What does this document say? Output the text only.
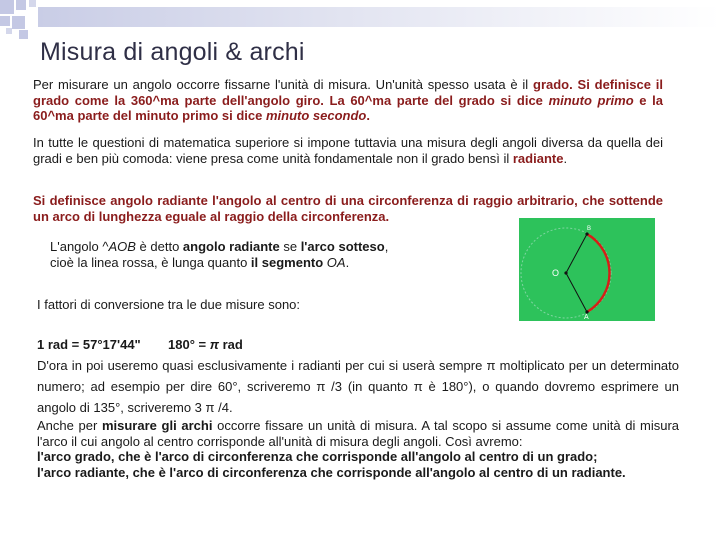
Misura di angoli & archi
Per misurare un angolo occorre fissarne l'unità di misura. Un'unità spesso usata è il grado. Si definisce il grado come la 360^ma parte dell'angolo giro. La 60^ma parte del grado si dice minuto primo e la 60^ma parte del minuto primo si dice minuto secondo.
In tutte le questioni di matematica superiore si impone tuttavia una misura degli angoli diversa da quella dei gradi e ben più comoda: viene presa come unità fondamentale non il grado bensì il radiante.
Si definisce angolo radiante l'angolo al centro di una circonferenza di raggio arbitrario, che sottende un arco di lunghezza eguale al raggio della circonferenza.
L'angolo ^AOB è detto angolo radiante se l'arco sotteso,
cioè la linea rossa, è lunga quanto il segmento OA.
O
A
B
I fattori di conversione tra le due misure sono:
1 rad = 57°17'44" 180° = π rad
D'ora in poi useremo quasi esclusivamente i radianti per cui si userà sempre π moltiplicato per un determinato numero; ad esempio per dire 60°, scriveremo π /3 (in quanto π è 180°), o quando dovremo esprimere un angolo di 135°, scriveremo 3 π /4.
Anche per misurare gli archi occorre fissare un unità di misura. A tal scopo si assume come unità di misura l'arco il cui angolo al centro corrisponde all'unità di misura degli angoli. Così avremo:
l'arco grado, che è l'arco di circonferenza che corrisponde all'angolo al centro di un grado;
l'arco radiante, che è l'arco di circonferenza che corrisponde all'angolo al centro di un radiante.
